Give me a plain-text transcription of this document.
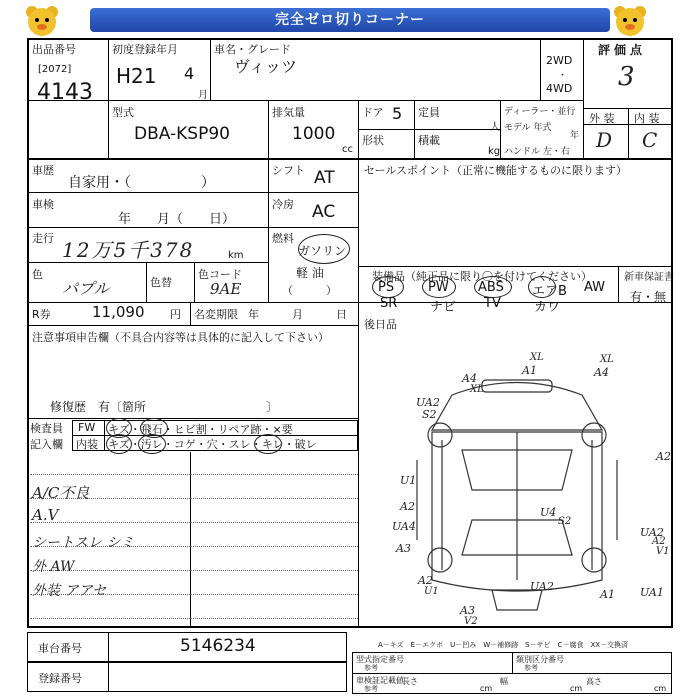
完全ゼロ切りコーナー
出品番号
[2072]
4143
初度登録年月
H21 4
月
車名・グレード
ヴィッツ	2WD
・
4WD
評価点
3
外 装 内 装
D C
型式
DBA-KSP90
排気量
1000
cc
ドア 5 定員
人
形状	積載
kg
ディーラー・並行
モデル 年式
年
ハンドル 左・右
車歴
自家用・（　　　　　）
シフト AT
車検
年　　月（　　日）
冷房 AC
走行 12万5千378	km
燃料
ガソリン
軽 油
（　　　）
色
パプル	色替
色コード
9AE
セールスポイント（正常に機能するものに限ります）
装備品（純正品に限り〇を付けてください）	新車保証書
有・無
PS	PW ABS エアB AW
SR	ナビ TV	カワ
R券	11,090 円 名変期限 年　　　月　　　日
後日品
注意事項申告欄（不具合内容等は具体的に記入して下さい）
修復歴　有〔箇所　　　　　　　　　　〕
検査員
記入欄
FW キズ・飛石・ヒビ割・リペア跡・×要
内装 キズ・汚レ・コゲ・穴・スレ・キレ・破レ
A/C不良
A.V
シートスレ シミ
外 AW
外装 アアセ
A4
A1
XL
A4
XL
XL
UA2
S2
A2
U1
A2
UA4
A3
U4
S2
UA2
A2
V1
A2
U1	UA2
A1
A3
V2
UA1
車台番号	5146234
登録番号
A－キズ　E－エクボ　U－凹み　W－補修跡　S－サビ　C－腐食　XX－交換済
型式指定番号
参考
類別区分番号
参考
車検証記載値
参考
長さ
cm
幅
cm
高さ
cm
